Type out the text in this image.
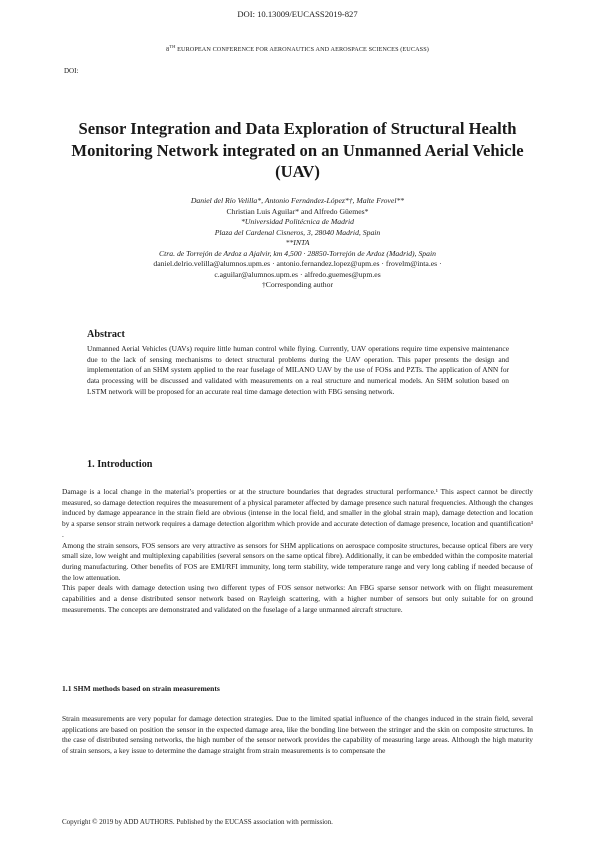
DOI: 10.13009/EUCASS2019-827
8TH EUROPEAN CONFERENCE FOR AERONAUTICS AND AEROSPACE SCIENCES (EUCASS)
DOI:
Sensor Integration and Data Exploration of Structural Health Monitoring Network integrated on an Unmanned Aerial Vehicle (UAV)
Daniel del Río Velilla*, Antonio Fernández-López*†, Malte Frovel**
Christian Luis Aguilar* and Alfredo Güemes*
*Universidad Politécnica de Madrid
Plaza del Cardenal Cisneros, 3, 28040 Madrid, Spain
**INTA
Ctra. de Torrejón de Ardoz a Ajalvir, km 4,500 · 28850-Torrejón de Ardoz (Madrid), Spain
daniel.delrio.velilla@alumnos.upm.es · antonio.fernandez.lopez@upm.es · frovelm@inta.es ·
c.aguilar@alumnos.upm.es · alfredo.guemes@upm.es
†Corresponding author
Abstract
Unmanned Aerial Vehicles (UAVs) require little human control while flying. Currently, UAV operations require time expensive maintenance due to the lack of sensing mechanisms to detect structural problems during the UAV operation. This paper presents the design and implementation of an SHM system applied to the rear fuselage of MILANO UAV by the use of FOSs and PZTs. The application of ANN for data processing will be discussed and validated with measurements on a real structure and numerical models. An SHM solution based on LSTM network will be proposed for an accurate real time damage detection with FBG sensing network.
1. Introduction

Damage is a local change in the material’s properties or at the structure boundaries that degrades structural performance.¹ This aspect cannot be directly measured, so damage detection requires the measurement of a physical parameter affected by damage presence such natural frequencies. Although the changes induced by damage appearance in the strain field are obvious (intense in the local field, and smaller in the global strain map), damage detection and location by a sparse sensor strain network requires a damage detection algorithm which provide and accurate detection of damage presence, location and quantification³ .

Among the strain sensors, FOS sensors are very attractive as sensors for SHM applications on aerospace composite structures, because optical fibers are very small size, low weight and multiplexing capabilities (several sensors on the same optical fibre). Additionally, it can be embedded within the composite material during manufacturing. Other benefits of FOS are EMI/RFI immunity, long term stability, wide temperature range and very long cabling if needed because of the low attenuation.

This paper deals with damage detection using two different types of FOS sensor networks: An FBG sparse sensor network with on flight measurement capabilities and a dense distributed sensor network based on Rayleigh scattering, with a higher number of sensors but only suitable for on ground measurements. The concepts are demonstrated and validated on the fuselage of a large unmanned aircraft structure.

1.1 SHM methods based on strain measurements

Strain measurements are very popular for damage detection strategies. Due to the limited spatial influence of the changes induced in the strain field, several applications are based on position the sensor in the expected damage area, like the bonding line between the stringer and the skin on composite structures. In the case of distributed sensing networks, the high number of the sensor network provides the capability of measuring large areas. Although the high maturity of strain sensors, a key issue to determine the damage straight from strain measurements is to compensate the

Copyright © 2019 by ADD AUTHORS. Published by the EUCASS association with permission.
